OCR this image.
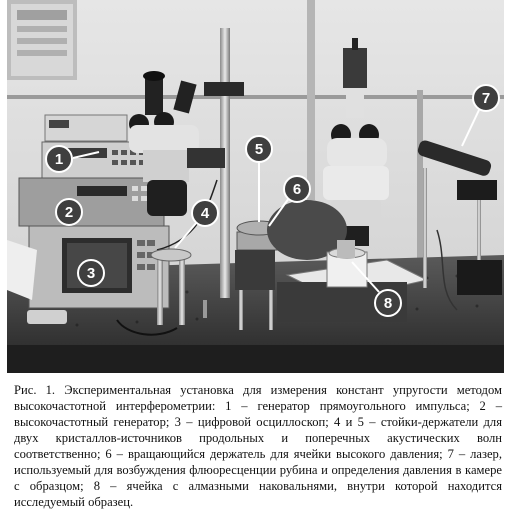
1
2
3
4
5
6
7
8
Рис. 1. Экспериментальная установка для измерения констант упругости методом высокочастотной интерферометрии: 1 – генератор прямоугольного импульса; 2 – высокочастотный генератор; 3 – цифровой осциллоскоп; 4 и 5 – стойки-держатели для двух кристаллов-источников продольных и поперечных акустических волн соответственно; 6 – вращающийся держатель для ячейки высокого давления; 7 – лазер, используемый для возбуждения флюоресценции рубина и определения давления в камере с образцом; 8 – ячейка с алмазными наковальнями, внутри которой находится исследуемый образец.
